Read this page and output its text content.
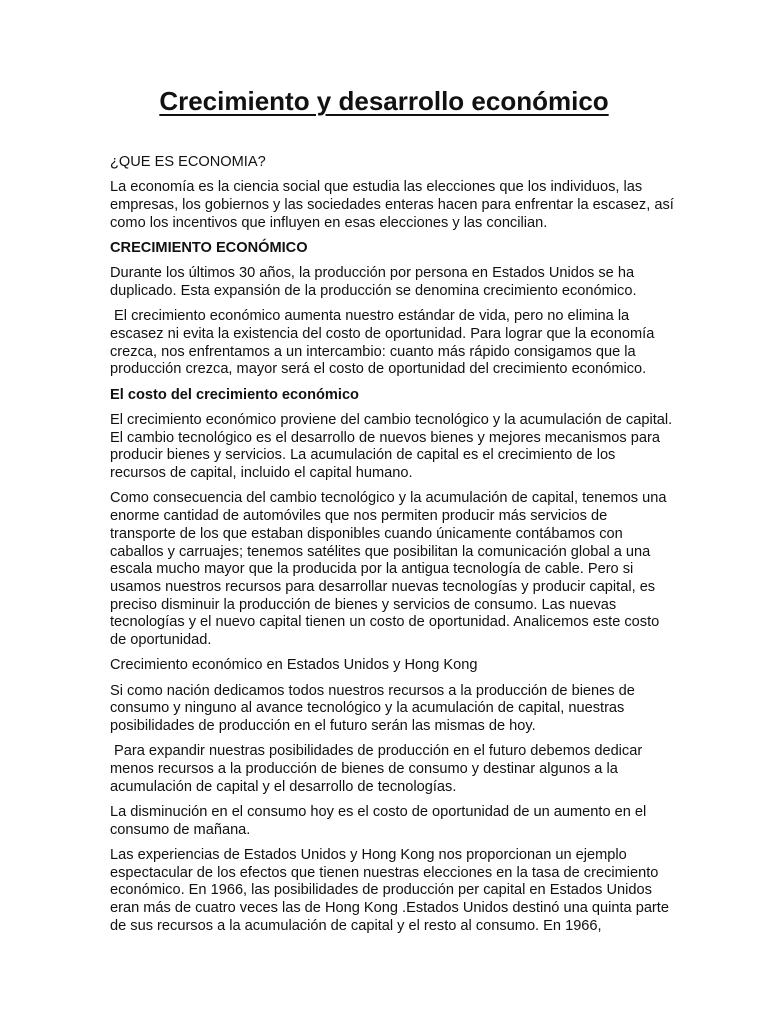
Crecimiento y desarrollo económico

¿QUE ES ECONOMIA?

La economía es la ciencia social que estudia las elecciones que los individuos, las
empresas, los gobiernos y las sociedades enteras hacen para enfrentar la escasez, así
como los incentivos que influyen en esas elecciones y las concilian.

CRECIMIENTO ECONÓMICO

Durante los últimos 30 años, la producción por persona en Estados Unidos se ha
duplicado. Esta expansión de la producción se denomina crecimiento económico.

El crecimiento económico aumenta nuestro estándar de vida, pero no elimina la
escasez ni evita la existencia del costo de oportunidad. Para lograr que la economía
crezca, nos enfrentamos a un intercambio: cuanto más rápido consigamos que la
producción crezca, mayor será el costo de oportunidad del crecimiento económico.

El costo del crecimiento económico

El crecimiento económico proviene del cambio tecnológico y la acumulación de capital.
El cambio tecnológico es el desarrollo de nuevos bienes y mejores mecanismos para
producir bienes y servicios. La acumulación de capital es el crecimiento de los
recursos de capital, incluido el capital humano.

Como consecuencia del cambio tecnológico y la acumulación de capital, tenemos una
enorme cantidad de automóviles que nos permiten producir más servicios de
transporte de los que estaban disponibles cuando únicamente contábamos con
caballos y carruajes; tenemos satélites que posibilitan la comunicación global a una
escala mucho mayor que la producida por la antigua tecnología de cable. Pero si
usamos nuestros recursos para desarrollar nuevas tecnologías y producir capital, es
preciso disminuir la producción de bienes y servicios de consumo. Las nuevas
tecnologías y el nuevo capital tienen un costo de oportunidad. Analicemos este costo
de oportunidad.

Crecimiento económico en Estados Unidos y Hong Kong

Si como nación dedicamos todos nuestros recursos a la producción de bienes de
consumo y ninguno al avance tecnológico y la acumulación de capital, nuestras
posibilidades de producción en el futuro serán las mismas de hoy.

Para expandir nuestras posibilidades de producción en el futuro debemos dedicar
menos recursos a la producción de bienes de consumo y destinar algunos a la
acumulación de capital y el desarrollo de tecnologías.

La disminución en el consumo hoy es el costo de oportunidad de un aumento en el
consumo de mañana.

Las experiencias de Estados Unidos y Hong Kong nos proporcionan un ejemplo
espectacular de los efectos que tienen nuestras elecciones en la tasa de crecimiento
económico. En 1966, las posibilidades de producción per capital en Estados Unidos
eran más de cuatro veces las de Hong Kong .Estados Unidos destinó una quinta parte
de sus recursos a la acumulación de capital y el resto al consumo. En 1966,
